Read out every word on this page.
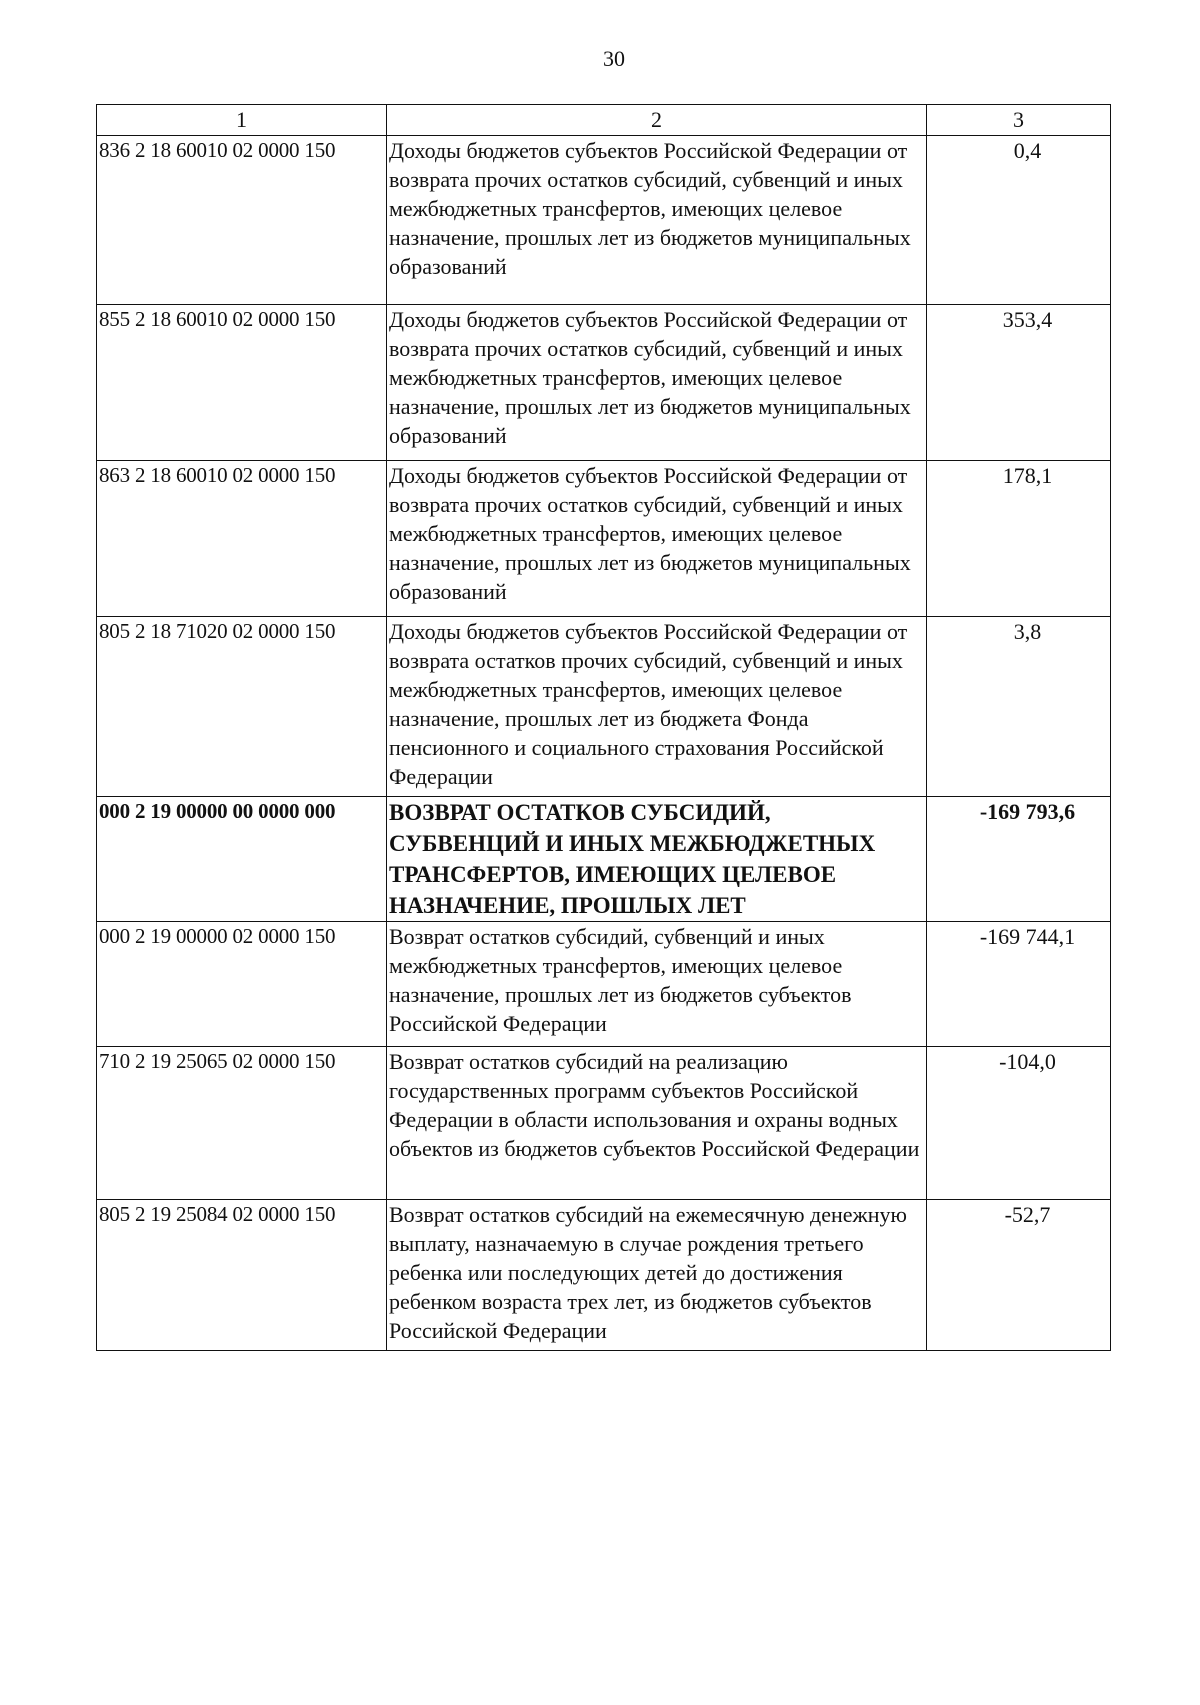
30
1	2	3
836 2 18 60010 02 0000 150	Доходы бюджетов субъектов Российской Федерации от возврата прочих остатков субсидий, субвенций и иных межбюджетных трансфертов, имеющих целевое назначение, прошлых лет из бюджетов муниципальных образований	0,4
855 2 18 60010 02 0000 150	Доходы бюджетов субъектов Российской Федерации от возврата прочих остатков субсидий, субвенций и иных межбюджетных трансфертов, имеющих целевое назначение, прошлых лет из бюджетов муниципальных образований	353,4
863 2 18 60010 02 0000 150	Доходы бюджетов субъектов Российской Федерации от возврата прочих остатков субсидий, субвенций и иных межбюджетных трансфертов, имеющих целевое назначение, прошлых лет из бюджетов муниципальных образований	178,1
805 2 18 71020 02 0000 150	Доходы бюджетов субъектов Российской Федерации от возврата остатков прочих субсидий, субвенций и иных межбюджетных трансфертов, имеющих целевое назначение, прошлых лет из бюджета Фонда пенсионного и социального страхования Российской Федерации	3,8
000 2 19 00000 00 0000 000	ВОЗВРАТ ОСТАТКОВ СУБСИДИЙ, СУБВЕНЦИЙ И ИНЫХ МЕЖБЮДЖЕТНЫХ ТРАНСФЕРТОВ, ИМЕЮЩИХ ЦЕЛЕВОЕ НАЗНАЧЕНИЕ, ПРОШЛЫХ ЛЕТ	-169 793,6
000 2 19 00000 02 0000 150	Возврат остатков субсидий, субвенций и иных межбюджетных трансфертов, имеющих целевое назначение, прошлых лет из бюджетов субъектов Российской Федерации	-169 744,1
710 2 19 25065 02 0000 150	Возврат остатков субсидий на реализацию государственных программ субъектов Российской Федерации в области использования и охраны водных объектов из бюджетов субъектов Российской Федерации	-104,0
805 2 19 25084 02 0000 150	Возврат остатков субсидий на ежемесячную денежную выплату, назначаемую в случае рождения третьего ребенка или последующих детей до достижения ребенком возраста трех лет, из бюджетов субъектов Российской Федерации	-52,7
